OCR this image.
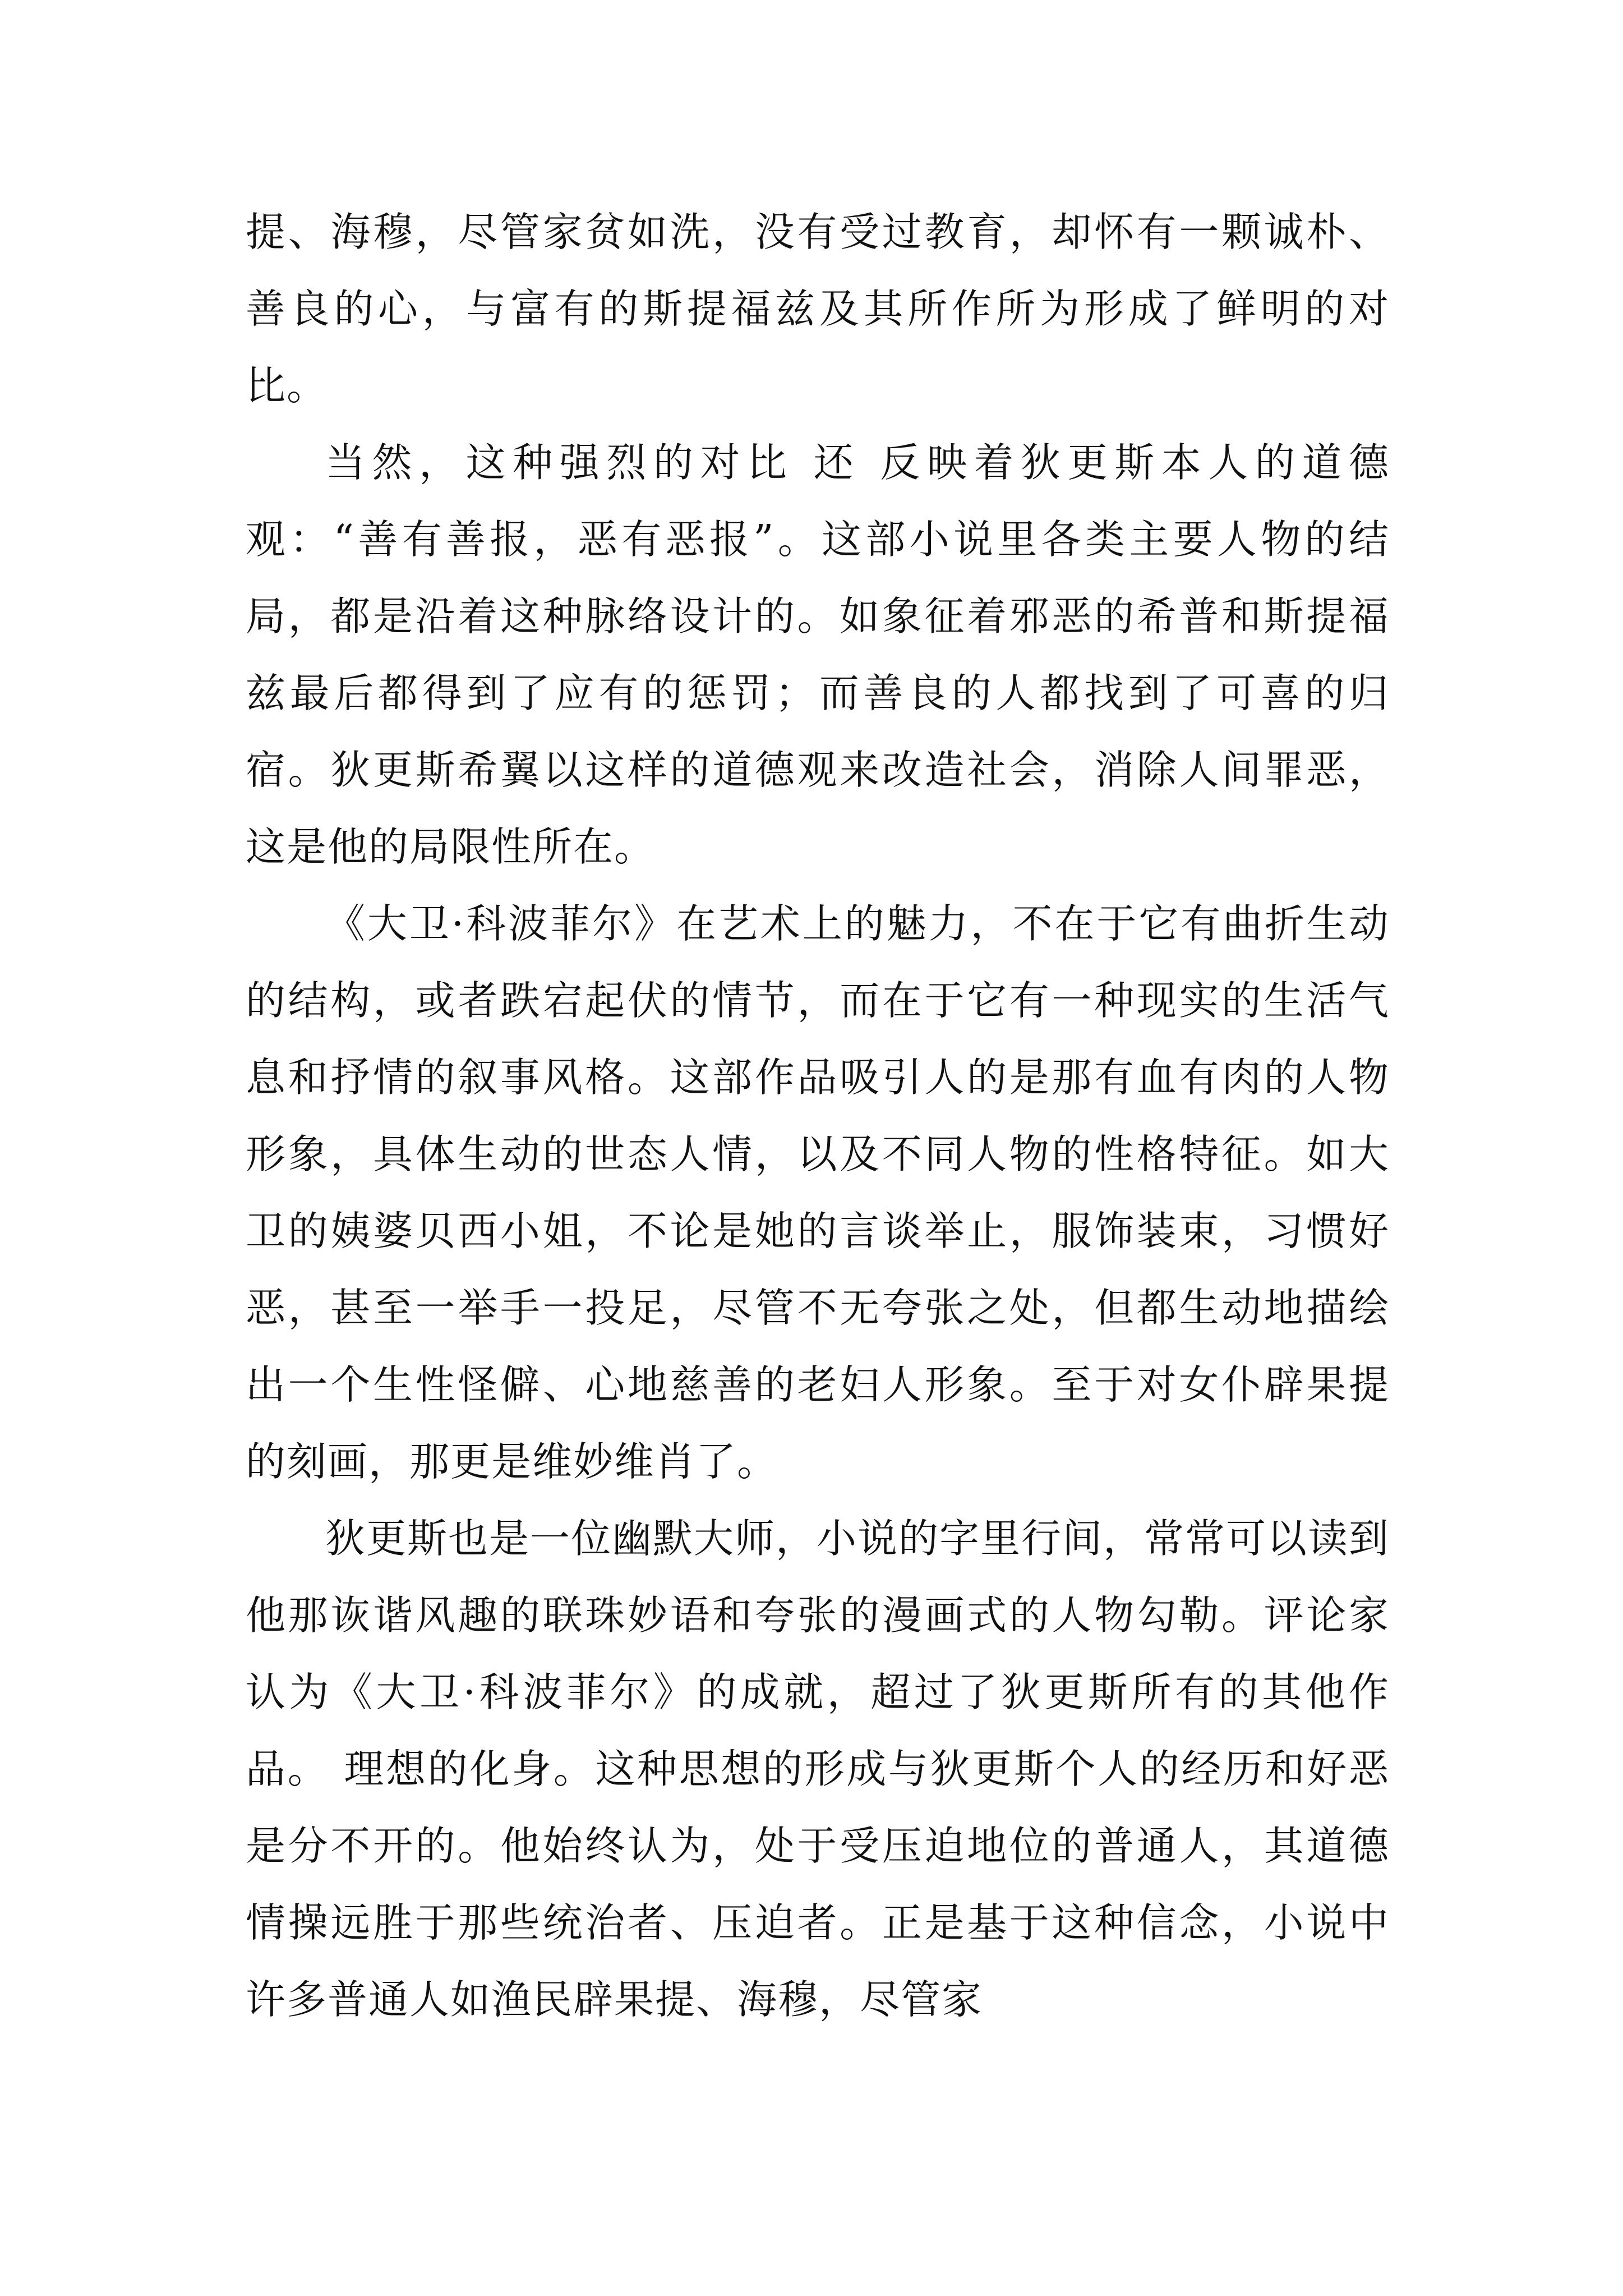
提、海穆，尽管家贫如洗，没有受过教育，却怀有一颗诚朴、善良的心，与富有的斯提福兹及其所作所为形成了鲜明的对比。

当然，这种强烈的对比 还 反映着狄更斯本人的道德观：“善有善报，恶有恶报”。这部小说里各类主要人物的结局，都是沿着这种脉络设计的。如象征着邪恶的希普和斯提福兹最后都得到了应有的惩罚；而善良的人都找到了可喜的归宿。狄更斯希翼以这样的道德观来改造社会，消除人间罪恶，这是他的局限性所在。

《大卫·科波菲尔》在艺术上的魅力，不在于它有曲折生动的结构，或者跌宕起伏的情节，而在于它有一种现实的生活气息和抒情的叙事风格。这部作品吸引人的是那有血有肉的人物形象，具体生动的世态人情，以及不同人物的性格特征。如大卫的姨婆贝西小姐，不论是她的言谈举止，服饰装束，习惯好恶，甚至一举手一投足，尽管不无夸张之处，但都生动地描绘出一个生性怪僻、心地慈善的老妇人形象。至于对女仆辟果提的刻画，那更是维妙维肖了。

狄更斯也是一位幽默大师，小说的字里行间，常常可以读到他那诙谐风趣的联珠妙语和夸张的漫画式的人物勾勒。评论家认为《大卫·科波菲尔》的成就，超过了狄更斯所有的其他作品。 理想的化身。这种思想的形成与狄更斯个人的经历和好恶是分不开的。他始终认为，处于受压迫地位的普通人，其道德情操远胜于那些统治者、压迫者。正是基于这种信念，小说中许多普通人如渔民辟果提、海穆，尽管家
